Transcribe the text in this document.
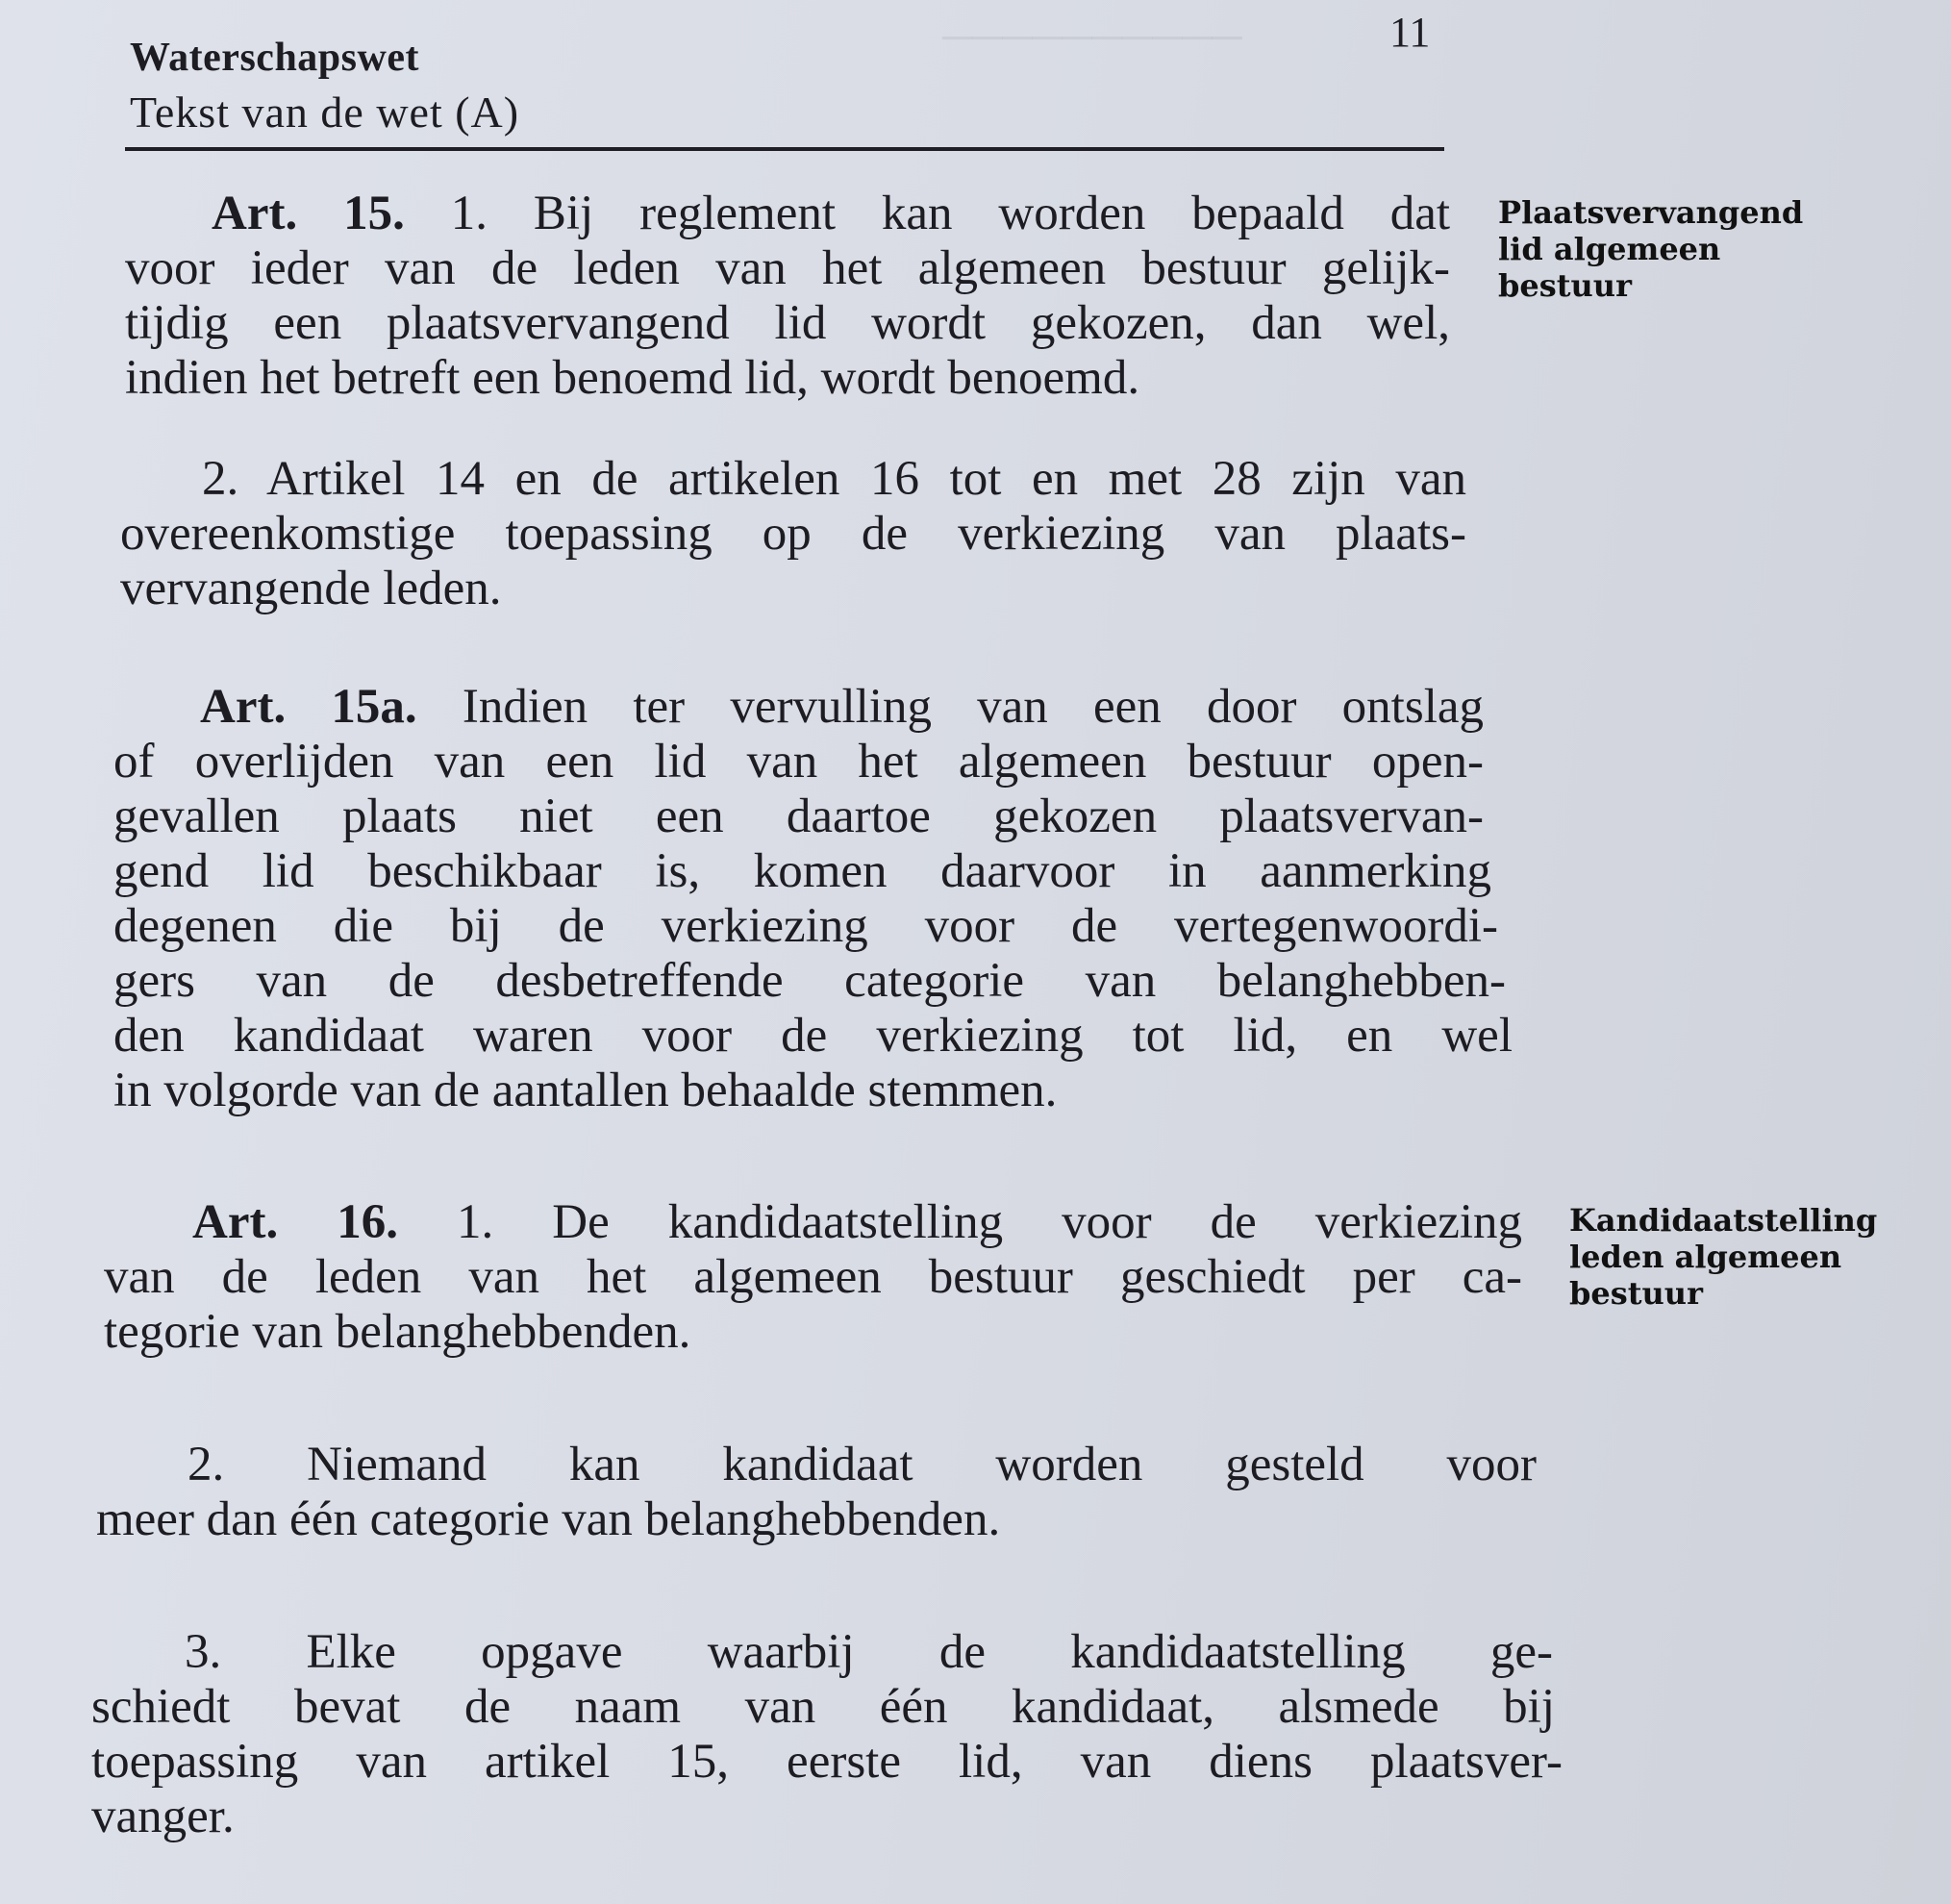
──────────
Waterschapswet
Tekst van de wet (A)
11
Art. 15. 1. Bij reglement kan worden bepaald dat
voor ieder van de leden van het algemeen bestuur gelijk-
tijdig een plaatsvervangend lid wordt gekozen, dan wel,
indien het betreft een benoemd lid, wordt benoemd.
Plaatsvervangend
lid algemeen
bestuur
2. Artikel 14 en de artikelen 16 tot en met 28 zijn van
overeenkomstige toepassing op de verkiezing van plaats-
vervangende leden.
Art. 15a. Indien ter vervulling van een door ontslag
of overlijden van een lid van het algemeen bestuur open-
gevallen plaats niet een daartoe gekozen plaatsvervan-
gend lid beschikbaar is, komen daarvoor in aanmerking
degenen die bij de verkiezing voor de vertegenwoordi-
gers van de desbetreffende categorie van belanghebben-
den kandidaat waren voor de verkiezing tot lid, en wel
in volgorde van de aantallen behaalde stemmen.
Art. 16. 1. De kandidaatstelling voor de verkiezing
van de leden van het algemeen bestuur geschiedt per ca-
tegorie van belanghebbenden.
Kandidaatstelling
leden algemeen
bestuur
2. Niemand kan kandidaat worden gesteld voor
meer dan één categorie van belanghebbenden.
3. Elke opgave waarbij de kandidaatstelling ge-
schiedt bevat de naam van één kandidaat, alsmede bij
toepassing van artikel 15, eerste lid, van diens plaatsver-
vanger.
